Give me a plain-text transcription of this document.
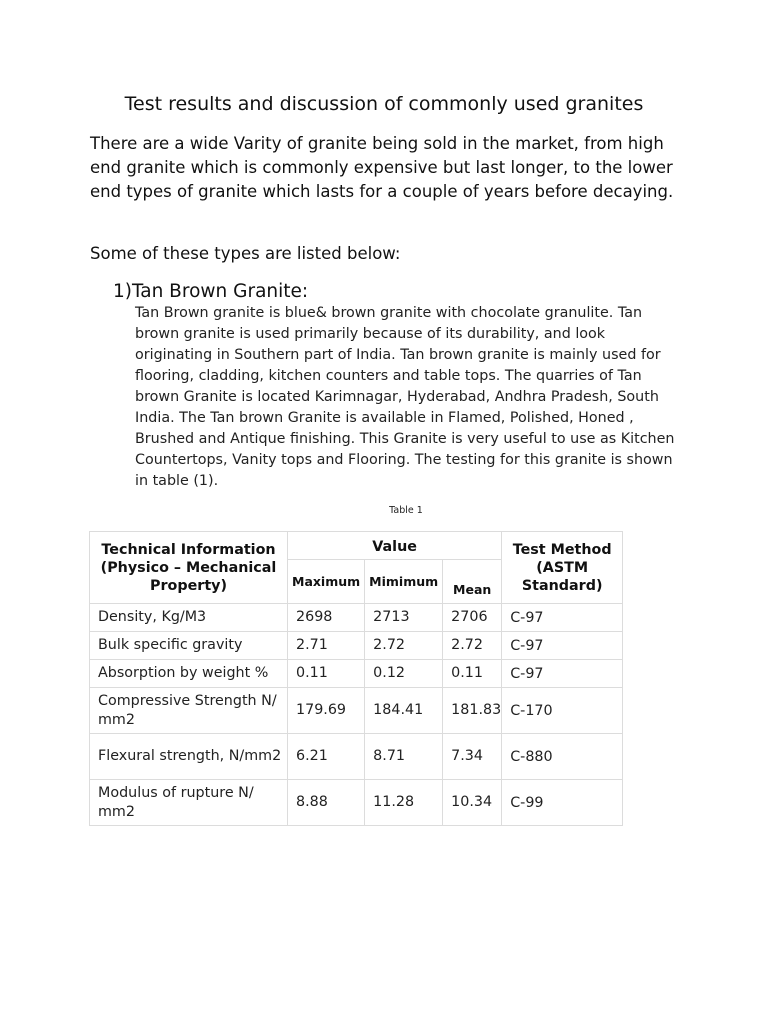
Test results and discussion of commonly used granites
There are a wide Varity of granite being sold in the market, from high end granite which is commonly expensive but last longer, to the lower end types of granite which lasts for a couple of years before decaying.
Some of these types are listed below:
1)Tan Brown Granite:
Tan Brown granite is blue& brown granite with chocolate granulite. Tan brown granite is used primarily because of its durability, and look originating in Southern part of India. Tan brown granite is mainly used for flooring, cladding, kitchen counters and table tops. The quarries of Tan brown Granite is located Karimnagar, Hyderabad, Andhra Pradesh, South India. The Tan brown Granite is available in Flamed, Polished, Honed , Brushed and Antique finishing. This Granite is very useful to use as Kitchen Countertops, Vanity tops and Flooring. The testing for this granite is shown in table (1).
Table 1
Technical Information (Physico – Mechanical Property)	Value			Test Method (ASTM Standard)
	Maximum	Mimimum	Mean	
Density, Kg/M3	2698	2713	2706	C-97
Bulk specific gravity	2.71	2.72	2.72	C-97
Absorption by weight %	0.11	0.12	0.11	C-97
Compressive Strength N/ mm2	179.69	184.41	181.83	C-170
Flexural strength, N/mm2	6.21	8.71	7.34	C-880
Modulus of rupture N/ mm2	8.88	11.28	10.34	C-99
